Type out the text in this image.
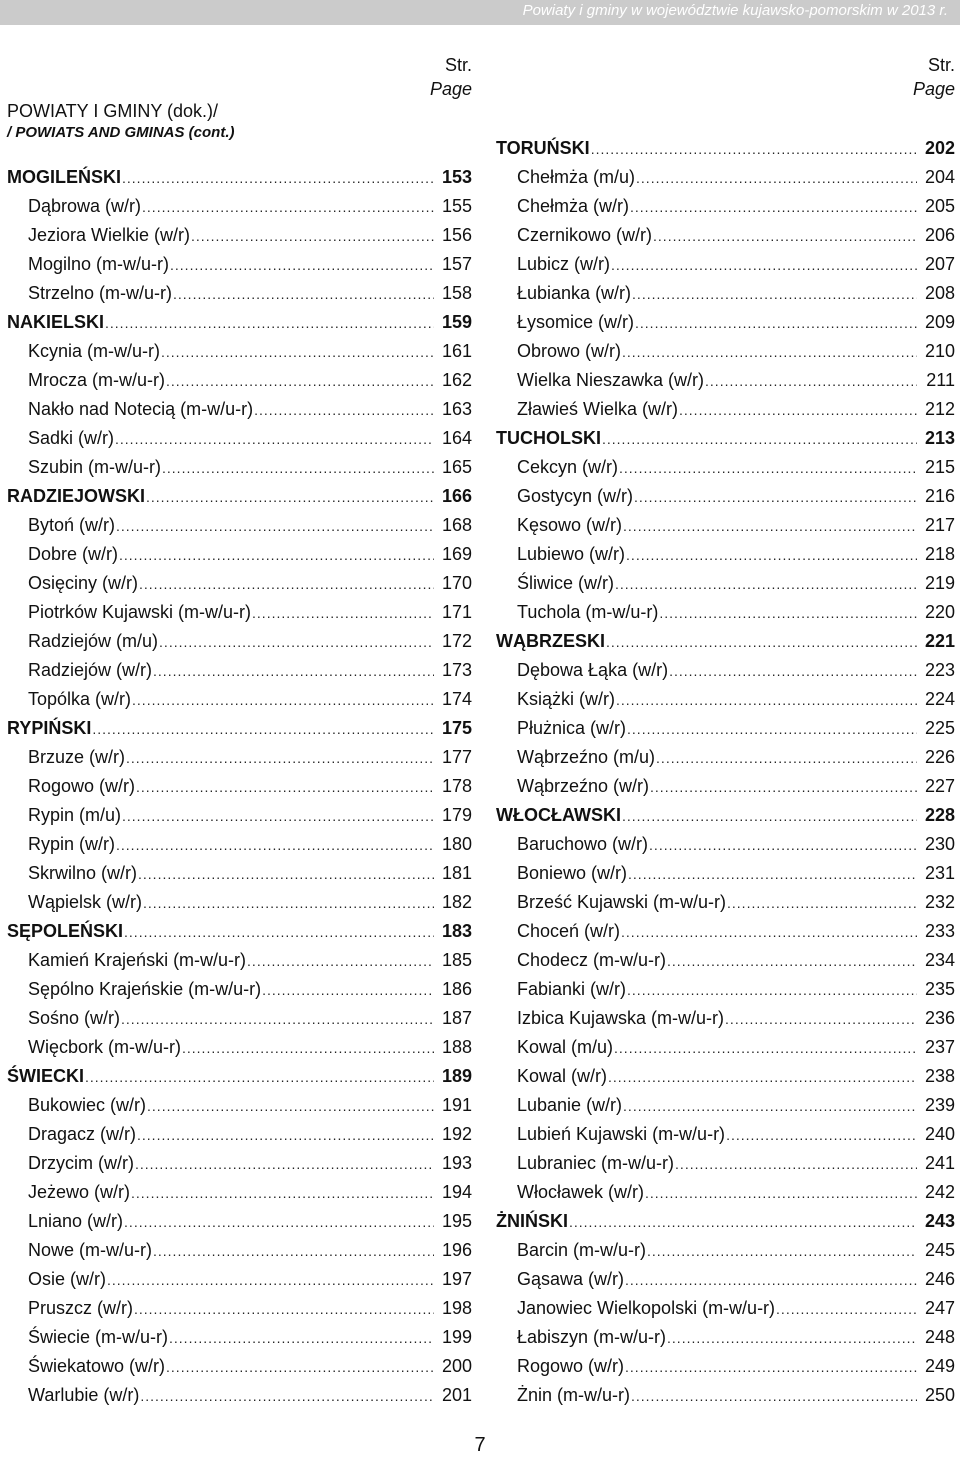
Powiaty i gminy w województwie kujawsko-pomorskim w 2013 r.
Str.
Page
POWIATY I GMINY (dok.)/
/ POWIATS AND GMINAS (cont.)
MOGILEŃSKI .....	153
Dąbrowa (w/r) .....	155
Jeziora Wielkie (w/r) .....	156
Mogilno (m-w/u-r) .....	157
Strzelno (m-w/u-r) .....	158
NAKIELSKI .....	159
Kcynia (m-w/u-r) .....	161
Mrocza (m-w/u-r) .....	162
Nakło nad Notecią (m-w/u-r) .....	163
Sadki (w/r) .....	164
Szubin (m-w/u-r) .....	165
RADZIEJOWSKI .....	166
Bytoń (w/r) .....	168
Dobre (w/r) .....	169
Osięciny (w/r) .....	170
Piotrków Kujawski (m-w/u-r) .....	171
Radziejów (m/u) .....	172
Radziejów (w/r) .....	173
Topólka (w/r) .....	174
RYPIŃSKI .....	175
Brzuze (w/r) .....	177
Rogowo (w/r) .....	178
Rypin (m/u) .....	179
Rypin (w/r) .....	180
Skrwilno (w/r) .....	181
Wąpielsk (w/r) .....	182
SĘPOLEŃSKI .....	183
Kamień Krajeński (m-w/u-r) .....	185
Sępólno Krajeńskie (m-w/u-r) .....	186
Sośno (w/r) .....	187
Więcbork (m-w/u-r) .....	188
ŚWIECKI .....	189
Bukowiec (w/r) .....	191
Dragacz (w/r) .....	192
Drzycim (w/r) .....	193
Jeżewo (w/r) .....	194
Lniano (w/r) .....	195
Nowe (m-w/u-r) .....	196
Osie (w/r) .....	197
Pruszcz (w/r) .....	198
Świecie (m-w/u-r) .....	199
Świekatowo (w/r) .....	200
Warlubie (w/r) .....	201
Str.
Page
TORUŃSKI .....	202
Chełmża (m/u) .....	204
Chełmża (w/r) .....	205
Czernikowo (w/r) .....	206
Lubicz (w/r) .....	207
Łubianka (w/r) .....	208
Łysomice (w/r) .....	209
Obrowo (w/r) .....	210
Wielka Nieszawka (w/r) .....	211
Zławieś Wielka (w/r) .....	212
TUCHOLSKI .....	213
Cekcyn (w/r) .....	215
Gostycyn (w/r) .....	216
Kęsowo (w/r) .....	217
Lubiewo (w/r) .....	218
Śliwice (w/r) .....	219
Tuchola (m-w/u-r) .....	220
WĄBRZESKI .....	221
Dębowa Łąka (w/r) .....	223
Książki (w/r) .....	224
Płużnica (w/r) .....	225
Wąbrzeźno (m/u) .....	226
Wąbrzeźno (w/r) .....	227
WŁOCŁAWSKI .....	228
Baruchowo (w/r) .....	230
Boniewo (w/r) .....	231
Brześć Kujawski (m-w/u-r) .....	232
Choceń (w/r) .....	233
Chodecz (m-w/u-r) .....	234
Fabianki (w/r) .....	235
Izbica Kujawska (m-w/u-r) .....	236
Kowal (m/u) .....	237
Kowal (w/r) .....	238
Lubanie (w/r) .....	239
Lubień Kujawski (m-w/u-r) .....	240
Lubraniec (m-w/u-r) .....	241
Włocławek (w/r) .....	242
ŻNIŃSKI .....	243
Barcin (m-w/u-r) .....	245
Gąsawa (w/r) .....	246
Janowiec Wielkopolski (m-w/u-r) .....	247
Łabiszyn (m-w/u-r) .....	248
Rogowo (w/r) .....	249
Żnin (m-w/u-r) .....	250
7
